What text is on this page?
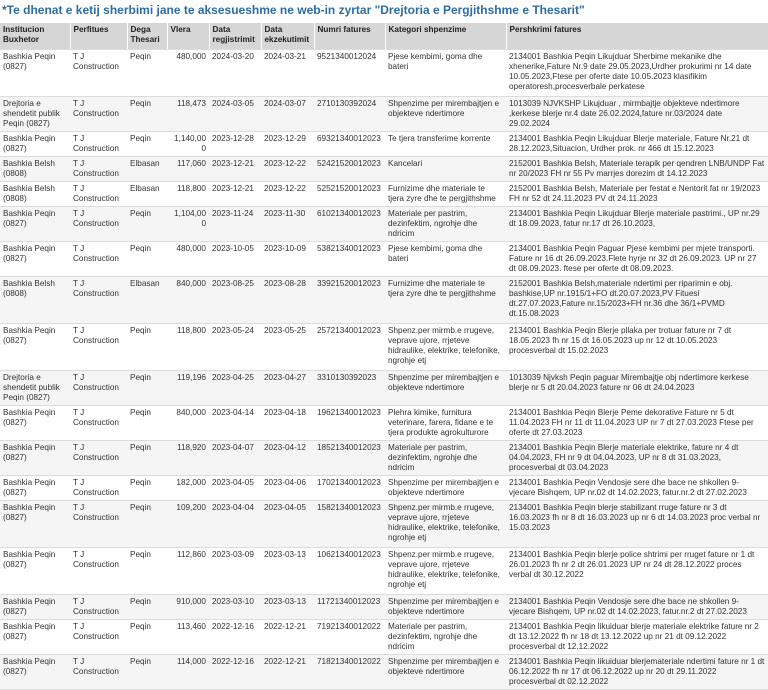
*Te dhenat e ketij sherbimi jane te aksesueshme ne web-in zyrtar "Drejtoria e Pergjithshme e Thesarit"
Institucion Buxhetor	Perfitues	Dega Thesari	Vlera	Data regjistrimit	Data ekzekutimit	Numri fatures	Kategori shpenzime	Pershkrimi fatures
Bashkia Peqin (0827)	T J Construction	Peqin	480,000	2024-03-20	2024-03-21	9521340012024	Pjese kembimi, goma dhe bateri	2134001 Bashkia Peqin Likujduar Sherbime mekanike dhe xhenerike,Fature Nr.9 date 29.05.2023,Urdher prokurimi nr 14 date 10.05.2023,Ftese per oferte date 10.05.2023 klasifikim operatoresh,procesverbale perkatese
Drejtoria e shendetit publik Peqin (0827)	T J Construction	Peqin	118,473	2024-03-05	2024-03-07	2710130392024	Shpenzime per mirembajtjen e objekteve ndertimore	1013039 NJVKSHP Likujduar , mirmbajtje objekteve ndertimore ,kerkese blerje nr.4 date 26.02.2024,fature nr.03/2024 date 29.02.2024
Bashkia Peqin (0827)	T J Construction	Peqin	1,140,000	2023-12-28	2023-12-29	69321340012023	Te tjera transferime korrente	2134001 Bashkia Peqin Likujduar Blerje materiale, Fature Nr.21 dt 28.12.2023,Situacion, Urdher prok. nr 466 dt 15.12.2023
Bashkia Belsh (0808)	T J Construction	Elbasan	117,060	2023-12-21	2023-12-22	52421520012023	Kancelari	2152001 Bashkia Belsh, Materiale terapik per qendren LNB/UNDP Fat nr 20/2023 FH nr 55 Pv marrjes dorezim dt 14.12.2023
Bashkia Belsh (0808)	T J Construction	Elbasan	118,800	2023-12-21	2023-12-22	52521520012023	Furnizime dhe materiale te tjera zyre dhe te pergjithshme	2152001 Bashkia Belsh, Materiale per festat e Nentorit fat nr 19/2023 FH nr 52 dt 24.11.2023 PV dt 24.11.2023
Bashkia Peqin (0827)	T J Construction	Peqin	1,104,000	2023-11-24	2023-11-30	61021340012023	Materiale per pastrim, dezinfektim, ngrohje dhe ndricim	2134001 Bashkia Peqin Likujduar Blerje materiale pastrimi., UP nr.29 dt 18.09.2023, fatur nr.17 dt 26.10.2023,
Bashkia Peqin (0827)	T J Construction	Peqin	480,000	2023-10-05	2023-10-09	53821340012023	Pjese kembimi, goma dhe bateri	2134001 Bashkia Peqin Paguar Pjese kembimi per mjete transporti. Fature nr 16 dt 26.09.2023.Flete hyrje nr 32 dt 26.09.2023. UP nr 27 dt 08.09.2023. ftese per oferte dt 08.09.2023.
Bashkia Belsh (0808)	T J Construction	Elbasan	840,000	2023-08-25	2023-08-28	33921520012023	Furnizime dhe materiale te tjera zyre dhe te pergjithshme	2152001 Bashkia Belsh,materiale ndertimi per riparimin e obj. bashkise,UP nr.1915/1+FO dt.20.07.2023,PV Fituesi dt.27.07.2023,Fature nr.15/2023+FH nr.36 dhe 36/1+PVMD dt.15.08.2023
Bashkia Peqin (0827)	T J Construction	Peqin	118,800	2023-05-24	2023-05-25	25721340012023	Shpenz.per mirmb.e rrugeve, veprave ujore, rrjeteve hidraulike, elektrike, telefonike, ngrohje etj	2134001 Bashkia Peqin Blerje pllaka per trotuar fature nr 7 dt 18.05.2023 fh nr 15 dt 16.05.2023 up nr 12 dt 10.05.2023 procesverbal dt 15.02.2023
Drejtoria e shendetit publik Peqin (0827)	T J Construction	Peqin	119,196	2023-04-25	2023-04-27	3310130392023	Shpenzime per mirembajtjen e objekteve ndertimore	1013039 Njvksh Peqin paguar Mirembajtje obj ndertimore kerkese blerje nr 5 dt 20.04.2023 fature nr 06 dt 24.04.2023
Bashkia Peqin (0827)	T J Construction	Peqin	840,000	2023-04-14	2023-04-18	19621340012023	Plehra kimike, furnitura veterinare, farera, fidane e te tjera produkte agrokulturore	2134001 Bashkia Peqin Blerje Peme dekorative Fature nr 5 dt 11.04.2023 FH nr 11 dt 11.04.2023 UP nr 7 dt 27.03.2023 Ftese per oferte dt 27.03.2023
Bashkia Peqin (0827)	T J Construction	Peqin	118,920	2023-04-07	2023-04-12	18521340012023	Materiale per pastrim, dezinfektim, ngrohje dhe ndricim	2134001 Bashkia Peqin Blerje materiale elektrike, fature nr 4 dt 04.04.2023, FH nr 9 dt 04.04.2023, UP nr 8 dt 31.03.2023, procesverbal dt 03.04.2023
Bashkia Peqin (0827)	T J Construction	Peqin	182,000	2023-04-05	2023-04-06	17021340012023	Shpenzime per mirembajtjen e objekteve ndertimore	2134001 Bashkia Peqin Vendosje sere dhe bace ne shkollen 9-vjecare Bishqem, UP nr.02 dt 14.02.2023, fatur.nr.2 dt 27.02.2023
Bashkia Peqin (0827)	T J Construction	Peqin	109,200	2023-04-04	2023-04-05	15821340012023	Shpenz.per mirmb.e rrugeve, veprave ujore, rrjeteve hidraulike, elektrike, telefonike, ngrohje etj	2134001 Bashkia Peqin blerje stabilizant rruge fature nr 3 dt 16.03.2023 fh nr 8 dt 16.03.2023 up nr 6 dt 14.03.2023 proc verbal nr 15.03.2023
Bashkia Peqin (0827)	T J Construction	Peqin	112,860	2023-03-09	2023-03-13	10621340012023	Shpenz.per mirmb.e rrugeve, veprave ujore, rrjeteve hidraulike, elektrike, telefonike, ngrohje etj	2134001 Bashkia Peqin blerje police shtrimi per rruget fature nr 1 dt 26.01.2023 fh nr 2 dt 26.01.2023 UP nr 24 dt 28.12.2022 proces verbal dt 30.12.2022
Bashkia Peqin (0827)	T J Construction	Peqin	910,000	2023-03-10	2023-03-13	11721340012023	Shpenzime per mirembajtjen e objekteve ndertimore	2134001 Bashkia Peqin Vendosje sere dhe bace ne shkollen 9-vjecare Bishqem, UP nr.02 dt 14.02.2023, fatur.nr.2 dt 27.02.2023
Bashkia Peqin (0827)	T J Construction	Peqin	113,460	2022-12-16	2022-12-21	71921340012022	Materiale per pastrim, dezinfektim, ngrohje dhe ndricim	2134001 Bashkia Peqin likuiduar blerje materiale elektrike fature nr 2 dt 13.12.2022 fh nr 18 dt 13.12.2022 up nr 21 dt 09.12.2022 procesverbal dt 12.12.2022
Bashkia Peqin (0827)	T J Construction	Peqin	114,000	2022-12-16	2022-12-21	71821340012022	Shpenzime per mirembajtjen e objekteve ndertimore	2134001 Bashkia Peqin likuiduar blerjemateriale ndertimi fature nr 1 dt 06.12.2022 fh nr 17 dt 06.12.2022 up nr 20 dt 29.11.2022 procesverbal dt 02.12.2022
